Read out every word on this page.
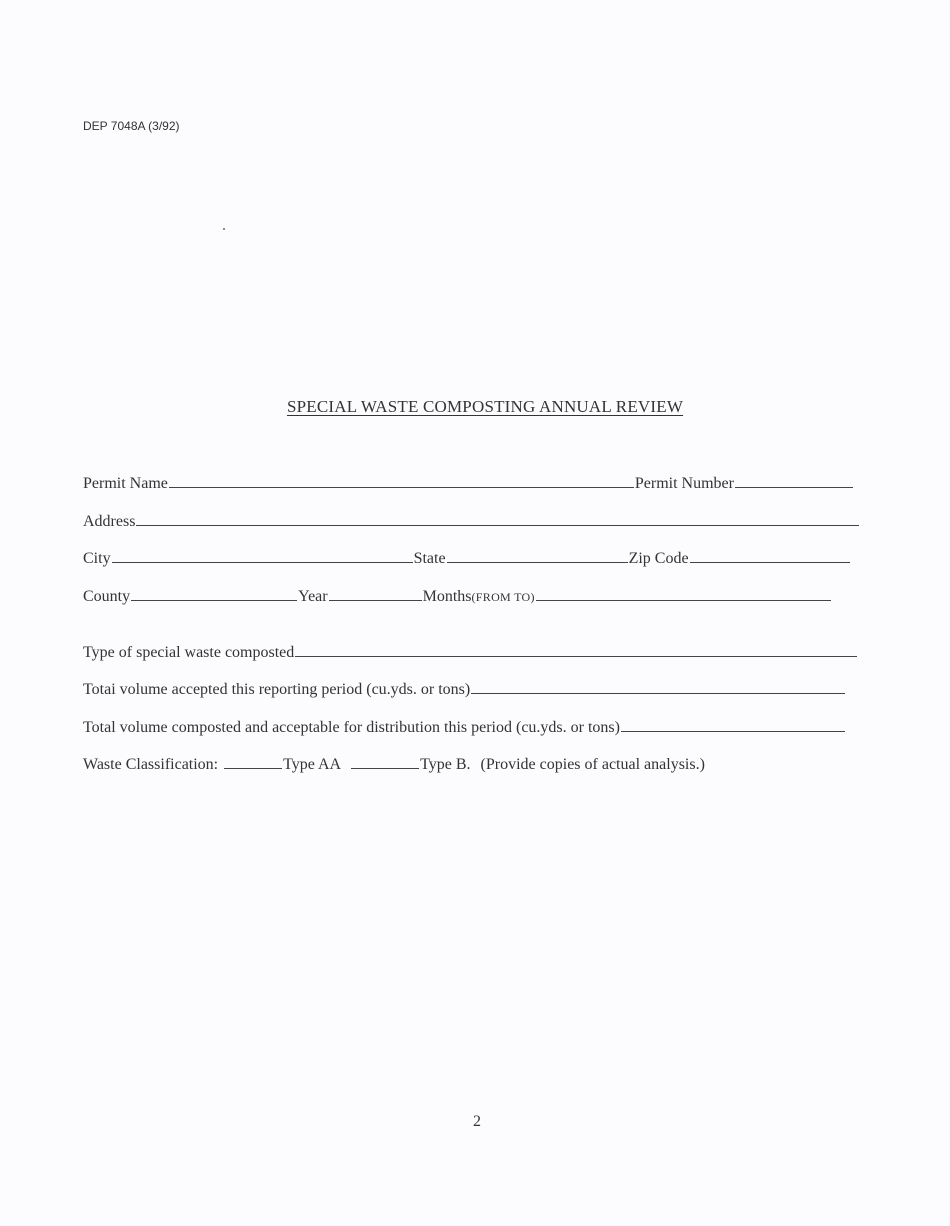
DEP 7048A (3/92)
SPECIAL WASTE COMPOSTING ANNUAL REVIEW
Permit Name	Permit Number
Address
City	State	Zip Code
County	Year	Months (FROM TO)
Type of special waste composted
Totai volume accepted this reporting period (cu.yds. or tons)
Total volume composted and acceptable for distribution this period (cu.yds. or tons)
Waste Classification:	Type AA	Type B. (Provide copies of actual analysis.)
2
